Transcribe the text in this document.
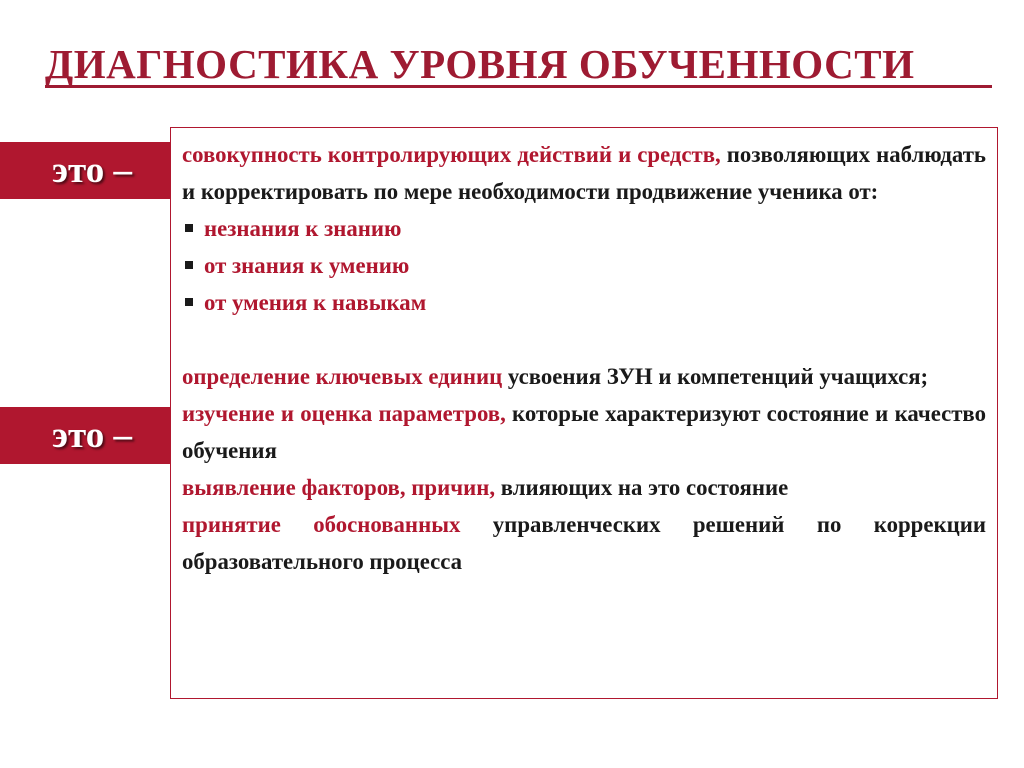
ДИАГНОСТИКА УРОВНЯ ОБУЧЕННОСТИ
это –
это –
совокупность контролирующих действий и средств, позволяющих наблюдать и корректировать по мере необходимости продвижение ученика от:
незнания к знанию
от знания к умению
от умения к навыкам
определение ключевых единиц усвоения ЗУН и компетенций учащихся;
изучение и оценка параметров, которые характеризуют состояние и качество обучения
выявление факторов, причин, влияющих на это состояние
принятие обоснованных управленческих решений по коррекции образовательного процесса
